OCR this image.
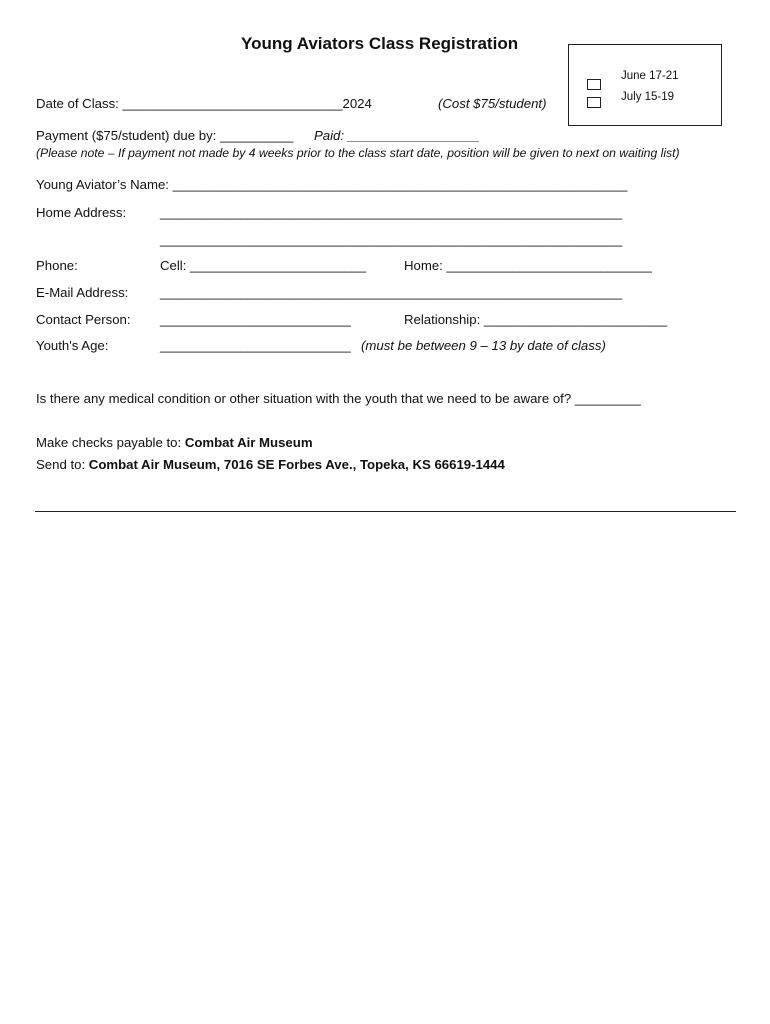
Young Aviators Class Registration
June 17-21
July 15-19
Date of Class: ______________________________2024	(Cost $75/student)
Payment ($75/student) due by: __________ Paid: __________________
(Please note – If payment not made by 4 weeks prior to the class start date, position will be given to next on waiting list)
Young Aviator’s Name: ______________________________________________________________
Home Address:	_______________________________________________________________
_______________________________________________________________
Phone:	Cell: ________________________	Home: ____________________________
E-Mail Address: _______________________________________________________________
Contact Person: __________________________	Relationship: _________________________
Youth's Age:	__________________________ (must be between 9 – 13 by date of class)
Is there any medical condition or other situation with the youth that we need to be aware of? _________
Make checks payable to: Combat Air Museum
Send to: Combat Air Museum, 7016 SE Forbes Ave., Topeka, KS 66619-1444
